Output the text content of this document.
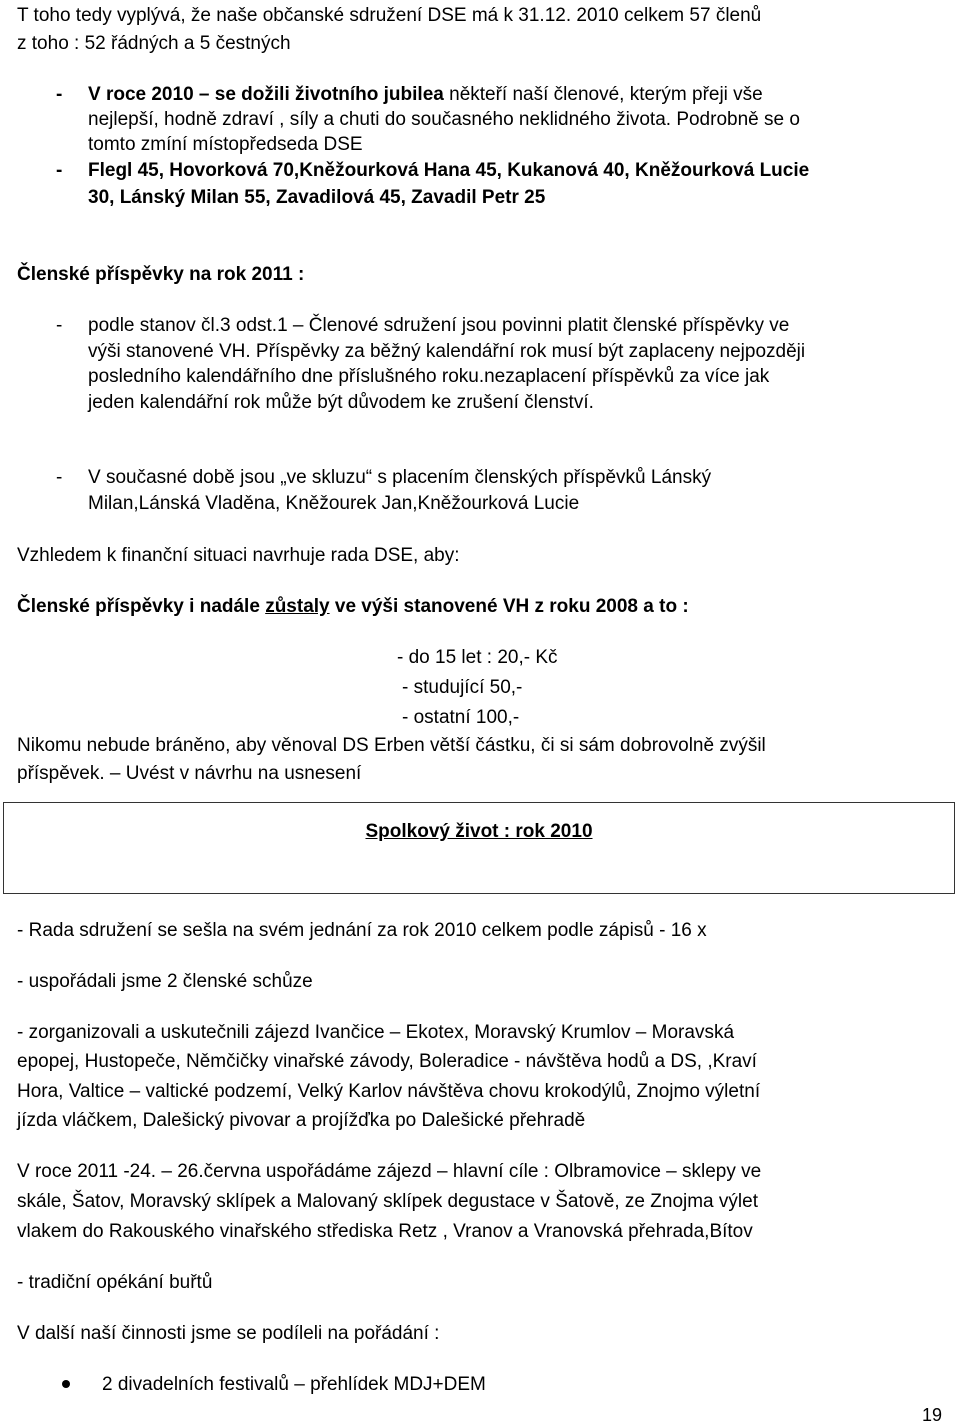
T toho tedy vyplývá, že naše občanské sdružení DSE má k 31.12. 2010 celkem 57 členů
z toho : 52 řádných a 5 čestných
- V roce 2010 – se dožili životního jubilea někteří naší členové, kterým přeji vše
nejlepší, hodně zdraví , síly a chuti do současného neklidného života. Podrobně se o
tomto zmíní místopředseda DSE
- Flegl 45, Hovorková 70,Kněžourková Hana 45, Kukanová 40, Kněžourková Lucie
30, Lánský Milan 55, Zavadilová 45, Zavadil Petr 25
Členské příspěvky na rok 2011 :
- podle stanov čl.3 odst.1 – Členové sdružení jsou povinni platit členské příspěvky ve
výši stanovené VH. Příspěvky za běžný kalendářní rok musí být zaplaceny nejpozději
posledního kalendářního dne příslušného roku.nezaplacení příspěvků za více jak
jeden kalendářní rok může být důvodem ke zrušení členství.
- V současné době jsou „ve skluzu“ s placením členských příspěvků Lánský
Milan,Lánská Vladěna, Kněžourek Jan,Kněžourková Lucie
Vzhledem k finanční situaci navrhuje rada DSE, aby:
Členské příspěvky i nadále zůstaly ve výši stanovené VH z roku 2008 a to :
- do 15 let : 20,- Kč
- studující 50,-
- ostatní 100,-
Nikomu nebude bráněno, aby věnoval DS Erben větší částku, či si sám dobrovolně zvýšil
příspěvek. – Uvést v návrhu na usnesení
Spolkový život : rok 2010
- Rada sdružení se sešla na svém jednání za rok 2010 celkem podle zápisů - 16 x
- uspořádali jsme 2 členské schůze
- zorganizovali a uskutečnili zájezd Ivančice – Ekotex, Moravský Krumlov – Moravská
epopej, Hustopeče, Němčičky vinařské závody, Boleradice - návštěva hodů a DS, ,Kraví
Hora, Valtice – valtické podzemí, Velký Karlov návštěva chovu krokodýlů, Znojmo výletní
jízda vláčkem, Dalešický pivovar a projížďka po Dalešické přehradě
V roce 2011 -24. – 26.června uspořádáme zájezd – hlavní cíle : Olbramovice – sklepy ve
skále, Šatov, Moravský sklípek a Malovaný sklípek degustace v Šatově, ze Znojma výlet
vlakem do Rakouského vinařského střediska Retz , Vranov a Vranovská přehrada,Bítov
- tradiční opékání buřtů
V další naší činnosti jsme se podíleli na pořádání :
2 divadelních festivalů – přehlídek MDJ+DEM
19
